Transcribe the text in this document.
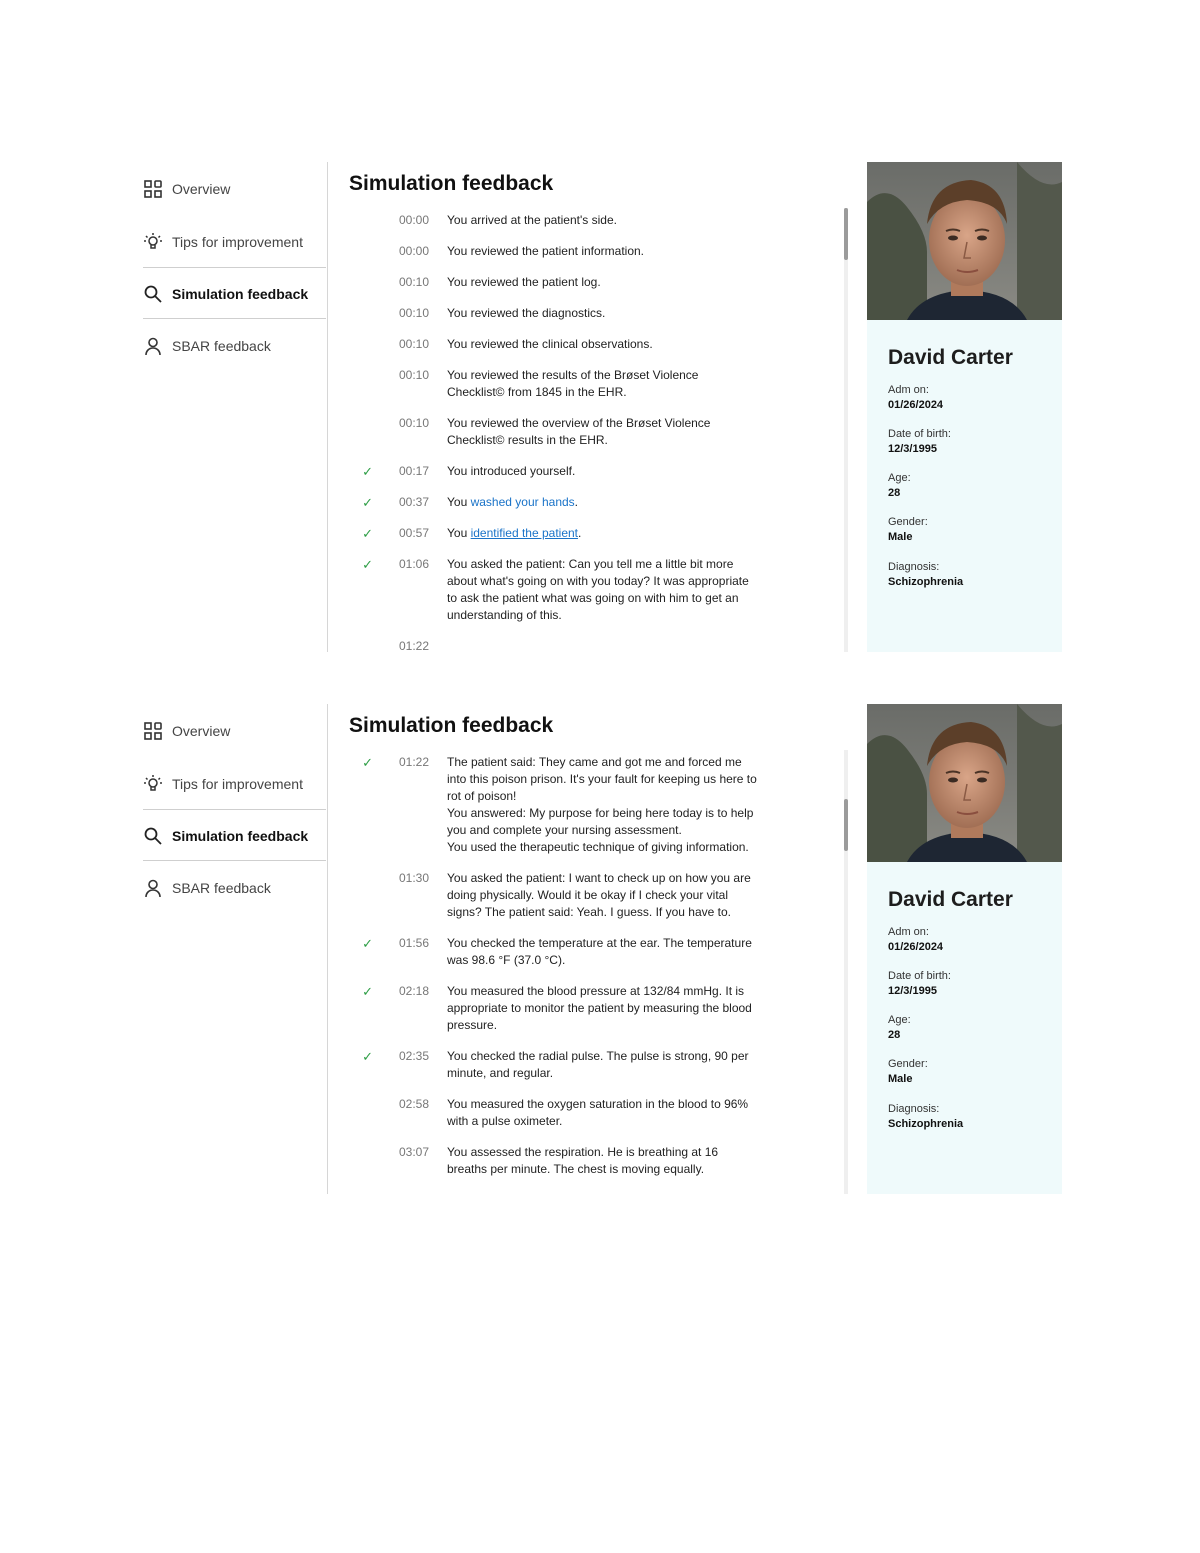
Overview
Tips for improvement
Simulation feedback
SBAR feedback
Simulation feedback
00:00	You arrived at the patient's side.
00:00	You reviewed the patient information.
00:10	You reviewed the patient log.
00:10	You reviewed the diagnostics.
00:10	You reviewed the clinical observations.
00:10	You reviewed the results of the Brøset Violence Checklist© from 1845 in the EHR.
00:10	You reviewed the overview of the Brøset Violence Checklist© results in the EHR.
✓	00:17	You introduced yourself.
✓	00:37	You washed your hands.
✓	00:57	You identified the patient.
✓	01:06	You asked the patient: Can you tell me a little bit more about what's going on with you today? It was appropriate to ask the patient what was going on with him to get an understanding of this.
01:22
David Carter
Adm on:
01/26/2024
Date of birth:
12/3/1995
Age:
28
Gender:
Male
Diagnosis:
Schizophrenia
Overview
Tips for improvement
Simulation feedback
SBAR feedback
Simulation feedback
✓	01:22	The patient said: They came and got me and forced me into this poison prison. It's your fault for keeping us here to rot of poison!
You answered: My purpose for being here today is to help you and complete your nursing assessment.
You used the therapeutic technique of giving information.
01:30	You asked the patient: I want to check up on how you are doing physically. Would it be okay if I check your vital signs? The patient said: Yeah. I guess. If you have to.
✓	01:56	You checked the temperature at the ear. The temperature was 98.6 °F (37.0 °C).
✓	02:18	You measured the blood pressure at 132/84 mmHg. It is appropriate to monitor the patient by measuring the blood pressure.
✓	02:35	You checked the radial pulse. The pulse is strong, 90 per minute, and regular.
02:58	You measured the oxygen saturation in the blood to 96% with a pulse oximeter.
03:07	You assessed the respiration. He is breathing at 16 breaths per minute. The chest is moving equally.
David Carter
Adm on:
01/26/2024
Date of birth:
12/3/1995
Age:
28
Gender:
Male
Diagnosis:
Schizophrenia
